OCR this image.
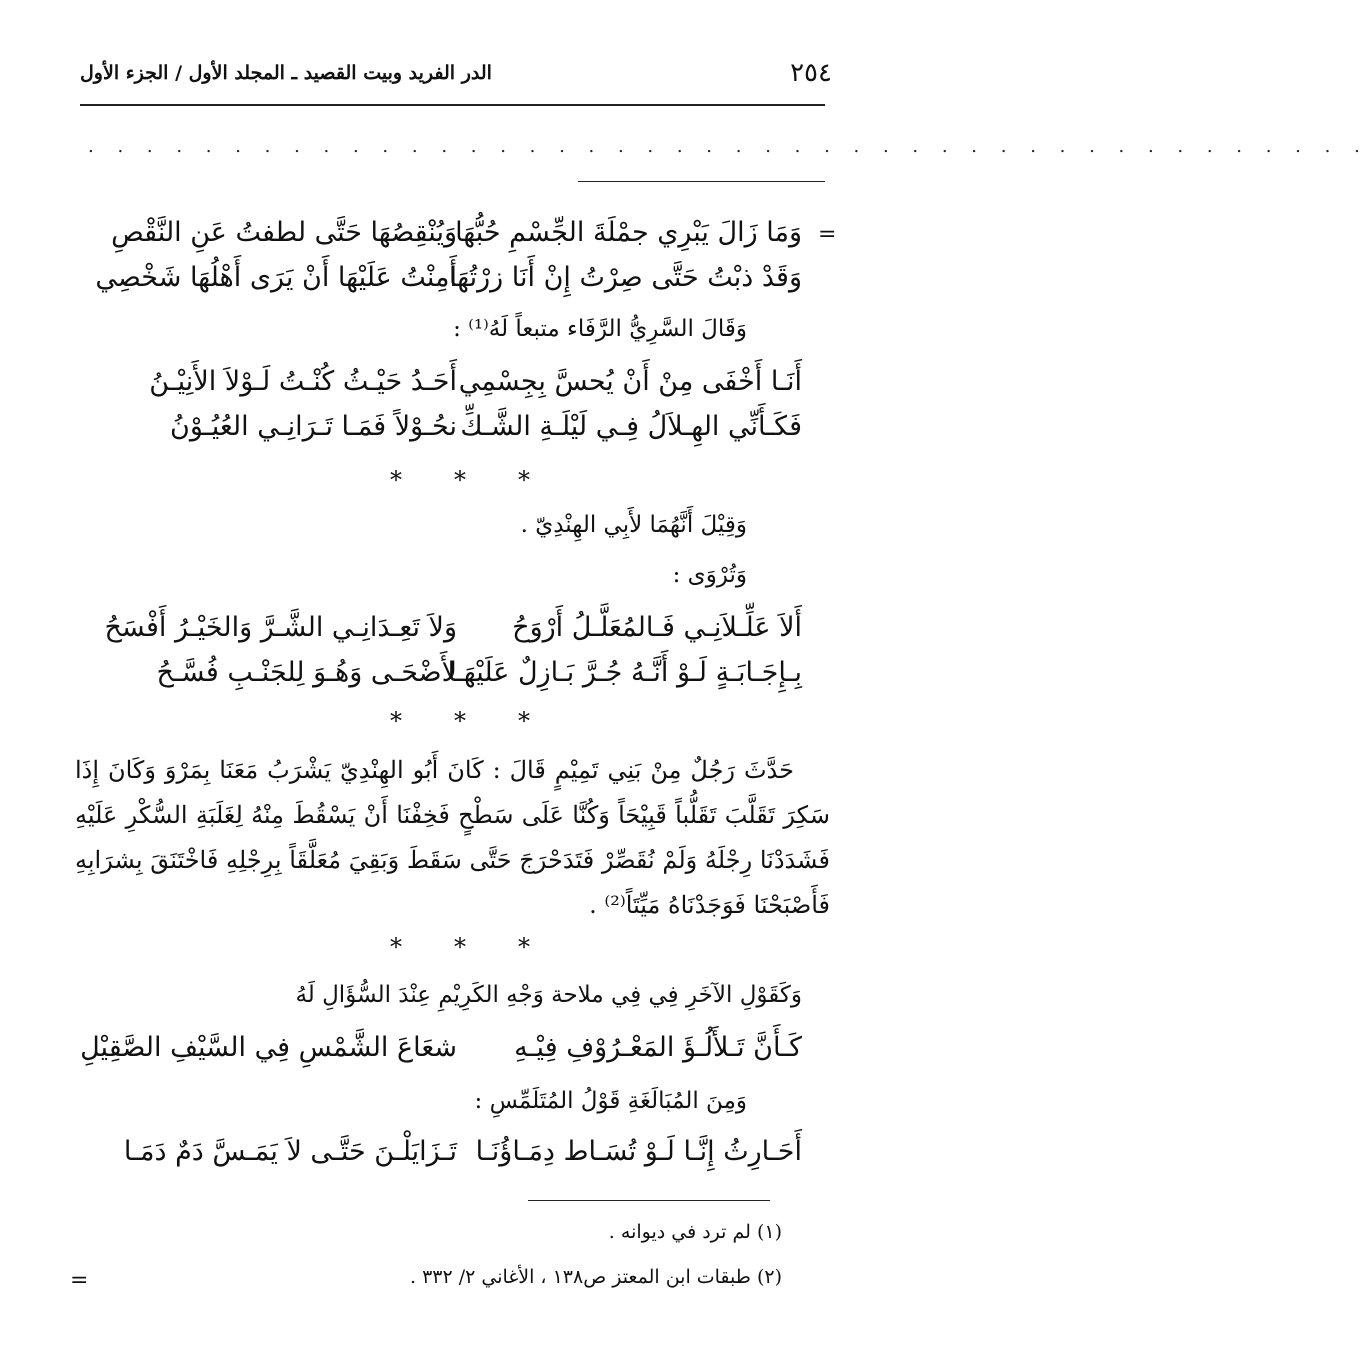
٢٥٤
الدر الفريد وبيت القصيد ـ المجلد الأول / الجزء الأول
. . . . . . . . . . . . . . . . . . . . . . . . . . . . . . . . . . . . . . . . . . . .
=
وَمَا زَالَ يَبْرِي جمْلَةَ الجِّسْمِ حُبُّهَا
وَيُنْقِصُهَا حَتَّى لطفتُ عَنِ النَّقْصِ
وَقَدْ ذبْتُ حَتَّى صِرْتُ إِنْ أَنَا زرْتُهَا
أَمِنْتُ عَلَيْهَا أَنْ يَرَى أَهْلُهَا شَخْصِي
وَقَالَ السَّرِيُّ الرَّفَاء متبعاً لَهُ⁽¹⁾ :
أَنَـا أَخْفَى مِنْ أَنْ يُحسَّ بِجِسْمِي
أَحَـدُ حَيْـثُ كُنْـتُ لَـوْلاَ الأَنِيْـنُ
فَكَـأَنِّي الهِـلاَلُ فِـي لَيْلَـةِ الشَّـكِّ
نحُـوْلاً فَمَـا تَـرَانِـي العُيُـوْنُ
* * *
وَقِيْلَ أَنَّهُمَا لأَبِي الهِنْدِيّ .
وَتُرْوَى :
أَلاَ عَلِّـلاَنِـي فَـالمُعَلَّـلُ أَرْوَحُ
وَلاَ تَعِـدَانِـي الشَّـرَّ وَالخَيْـرُ أَفْسَحُ
بِـإِجَـابَـةٍ لَـوْ أَنَّـهُ جُـرَّ بَـازِلٌ عَلَيْهَـا
لأَضْحَـى وَهُـوَ لِلجَنْـبِ فُسَّـحُ
* * *
حَدَّثَ رَجُلٌ مِنْ بَنِي تَمِيْمٍ قَالَ : كَانَ أَبُو الهِنْدِيّ يَشْرَبُ مَعَنَا بِمَرْوَ وَكَانَ إِذَا سَكِرَ تَقَلَّبَ تَقَلُّباً قَبِيْحَاً وَكُنَّا عَلَى سَطْحٍ فَخِفْنَا أَنْ يَسْقُطَ مِنْهُ لِغَلَبَةِ السُّكْرِ عَلَيْهِ فَشَدَدْنَا رِجْلَهُ وَلَمْ نُقَصِّرْ فَتَدَحْرَجَ حَتَّى سَقَطَ وَبَقِيَ مُعَلَّقَاً بِرِجْلِهِ فَاخْتَنَقَ بِشرَابِهِ فَأَصْبَحْنَا فَوَجَدْنَاهُ مَيِّتَاً⁽²⁾ .
* * *
وَكَقَوْلِ الآخَرِ فِي فِي ملاحة وَجْهِ الكَرِيْمِ عِنْدَ السُّؤَالِ لَهُ
كَـأَنَّ تَـلأَلُـؤَ المَعْـرُوْفِ فِيْـهِ
شعَاعَ الشَّمْسِ فِي السَّيْفِ الصَّقِيْلِ
وَمِنَ المُبَالَغَةِ قَوْلُ المُتَلَمِّسِ :
أَحَـارِثُ إِنَّـا لَـوْ تُسَـاط دِمَـاؤُنَـا
تَـزَايَلْـنَ حَتَّـى لاَ يَمَـسَّ دَمٌ دَمَـا
(١) لم ترد في ديوانه .
(٢) طبقات ابن المعتز ص١٣٨ ، الأغاني ٢/ ٣٣٢ .
=
